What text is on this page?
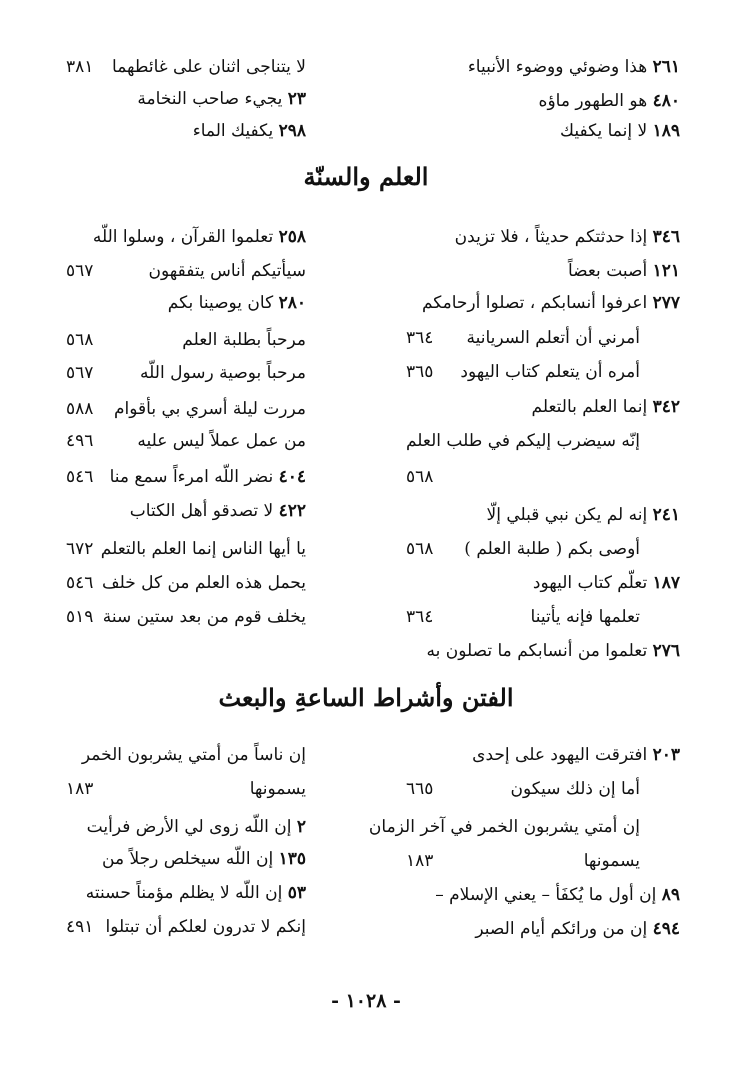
٢٦١ هذا وضوئي ووضوء الأنبياء
٤٨٠ هو الطهور ماؤه
١٨٩ لا إنما يكفيك
لا يتناجى اثنان على غائطهما
٣٨١
٢٣ يجيء صاحب النخامة
٢٩٨ يكفيك الماء
العلم والسنّة
٣٤٦ إذا حدثتكم حديثاً ، فلا تزيدن
١٢١ أصبت بعضاً
٢٧٧ اعرفوا أنسابكم ، تصلوا أرحامكم
أمرني أن أتعلم السريانية
٣٦٤
أمره أن يتعلم كتاب اليهود
٣٦٥
٣٤٢ إنما العلم بالتعلم
إنّه سيضرب إليكم في طلب العلم
٥٦٨
٢٤١ إنه لم يكن نبي قبلي إلّا
أوصى بكم ( طلبة العلم )
٥٦٨
١٨٧ تعلّم كتاب اليهود
تعلمها فإنه يأتينا
٣٦٤
٢٧٦ تعلموا من أنسابكم ما تصلون به
٢٥٨ تعلموا القرآن ، وسلوا اللّه
سيأتيكم أناس يتفقهون
٥٦٧
٢٨٠ كان يوصينا بكم
مرحباً بطلبة العلم
٥٦٨
مرحباً بوصية رسول اللّه
٥٦٧
مررت ليلة أسري بي بأقوام
٥٨٨
من عمل عملاً ليس عليه
٤٩٦
٤٠٤ نضر اللّه امرءاً سمع منا
٥٤٦
٤٢٢ لا تصدقو أهل الكتاب
يا أيها الناس إنما العلم بالتعلم
٦٧٢
يحمل هذه العلم من كل خلف
٥٤٦
يخلف قوم من بعد ستين سنة
٥١٩
الفتن وأشراط الساعةِ والبعث
٢٠٣ افترقت اليهود على إحدى
أما إن ذلك سيكون
٦٦٥
إن أمتي يشربون الخمر في آخر الزمان
يسمونها
١٨٣
٨٩ إن أول ما يُكفَأ – يعني الإسلام –
٤٩٤ إن من ورائكم أيام الصبر
إن ناساً من أمتي يشربون الخمر
يسمونها
١٨٣
٢ إن اللّه زوى لي الأرض فرأيت
١٣٥ إن اللّه سيخلص رجلاً من
٥٣ إن اللّه لا يظلم مؤمناً حسنته
إنكم لا تدرون لعلكم أن تبتلوا
٤٩١
- ١٠٢٨ -
